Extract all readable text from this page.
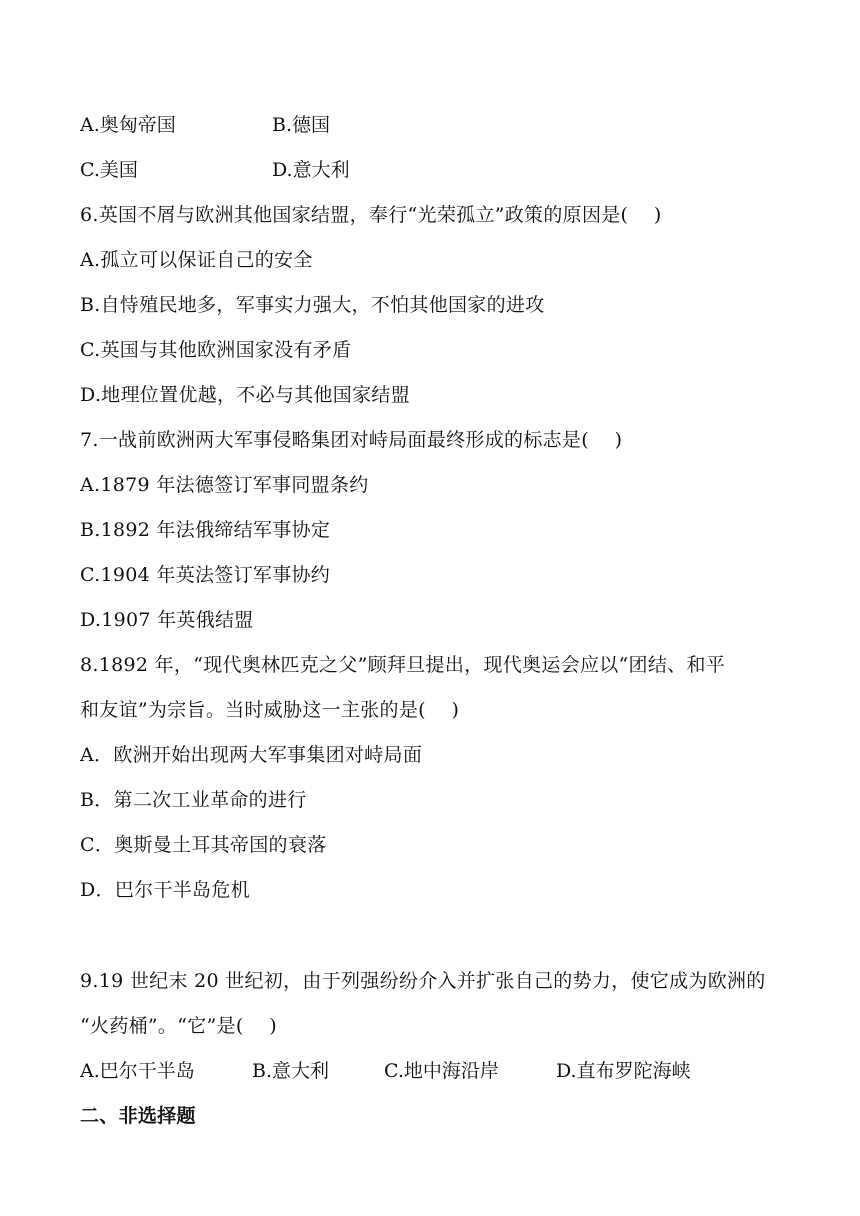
A.奥匈帝国	B.德国
C.美国	D.意大利
6.英国不屑与欧洲其他国家结盟，奉行“光荣孤立”政策的原因是(　 )
A.孤立可以保证自己的安全
B.自恃殖民地多，军事实力强大，不怕其他国家的进攻
C.英国与其他欧洲国家没有矛盾
D.地理位置优越，不必与其他国家结盟
7.一战前欧洲两大军事侵略集团对峙局面最终形成的标志是(　 )
A.1879 年法德签订军事同盟条约
B.1892 年法俄缔结军事协定
C.1904 年英法签订军事协约
D.1907 年英俄结盟
8.1892 年，“现代奥林匹克之父”顾拜旦提出，现代奥运会应以“团结、和平
和友谊”为宗旨。当时威胁这一主张的是(　 )
A．欧洲开始出现两大军事集团对峙局面
B．第二次工业革命的进行
C．奥斯曼土耳其帝国的衰落
D．巴尔干半岛危机
9.19 世纪末 20 世纪初，由于列强纷纷介入并扩张自己的势力，使它成为欧洲的
“火药桶”。“它”是(　 )
A.巴尔干半岛	B.意大利	C.地中海沿岸	D.直布罗陀海峡
二、非选择题
